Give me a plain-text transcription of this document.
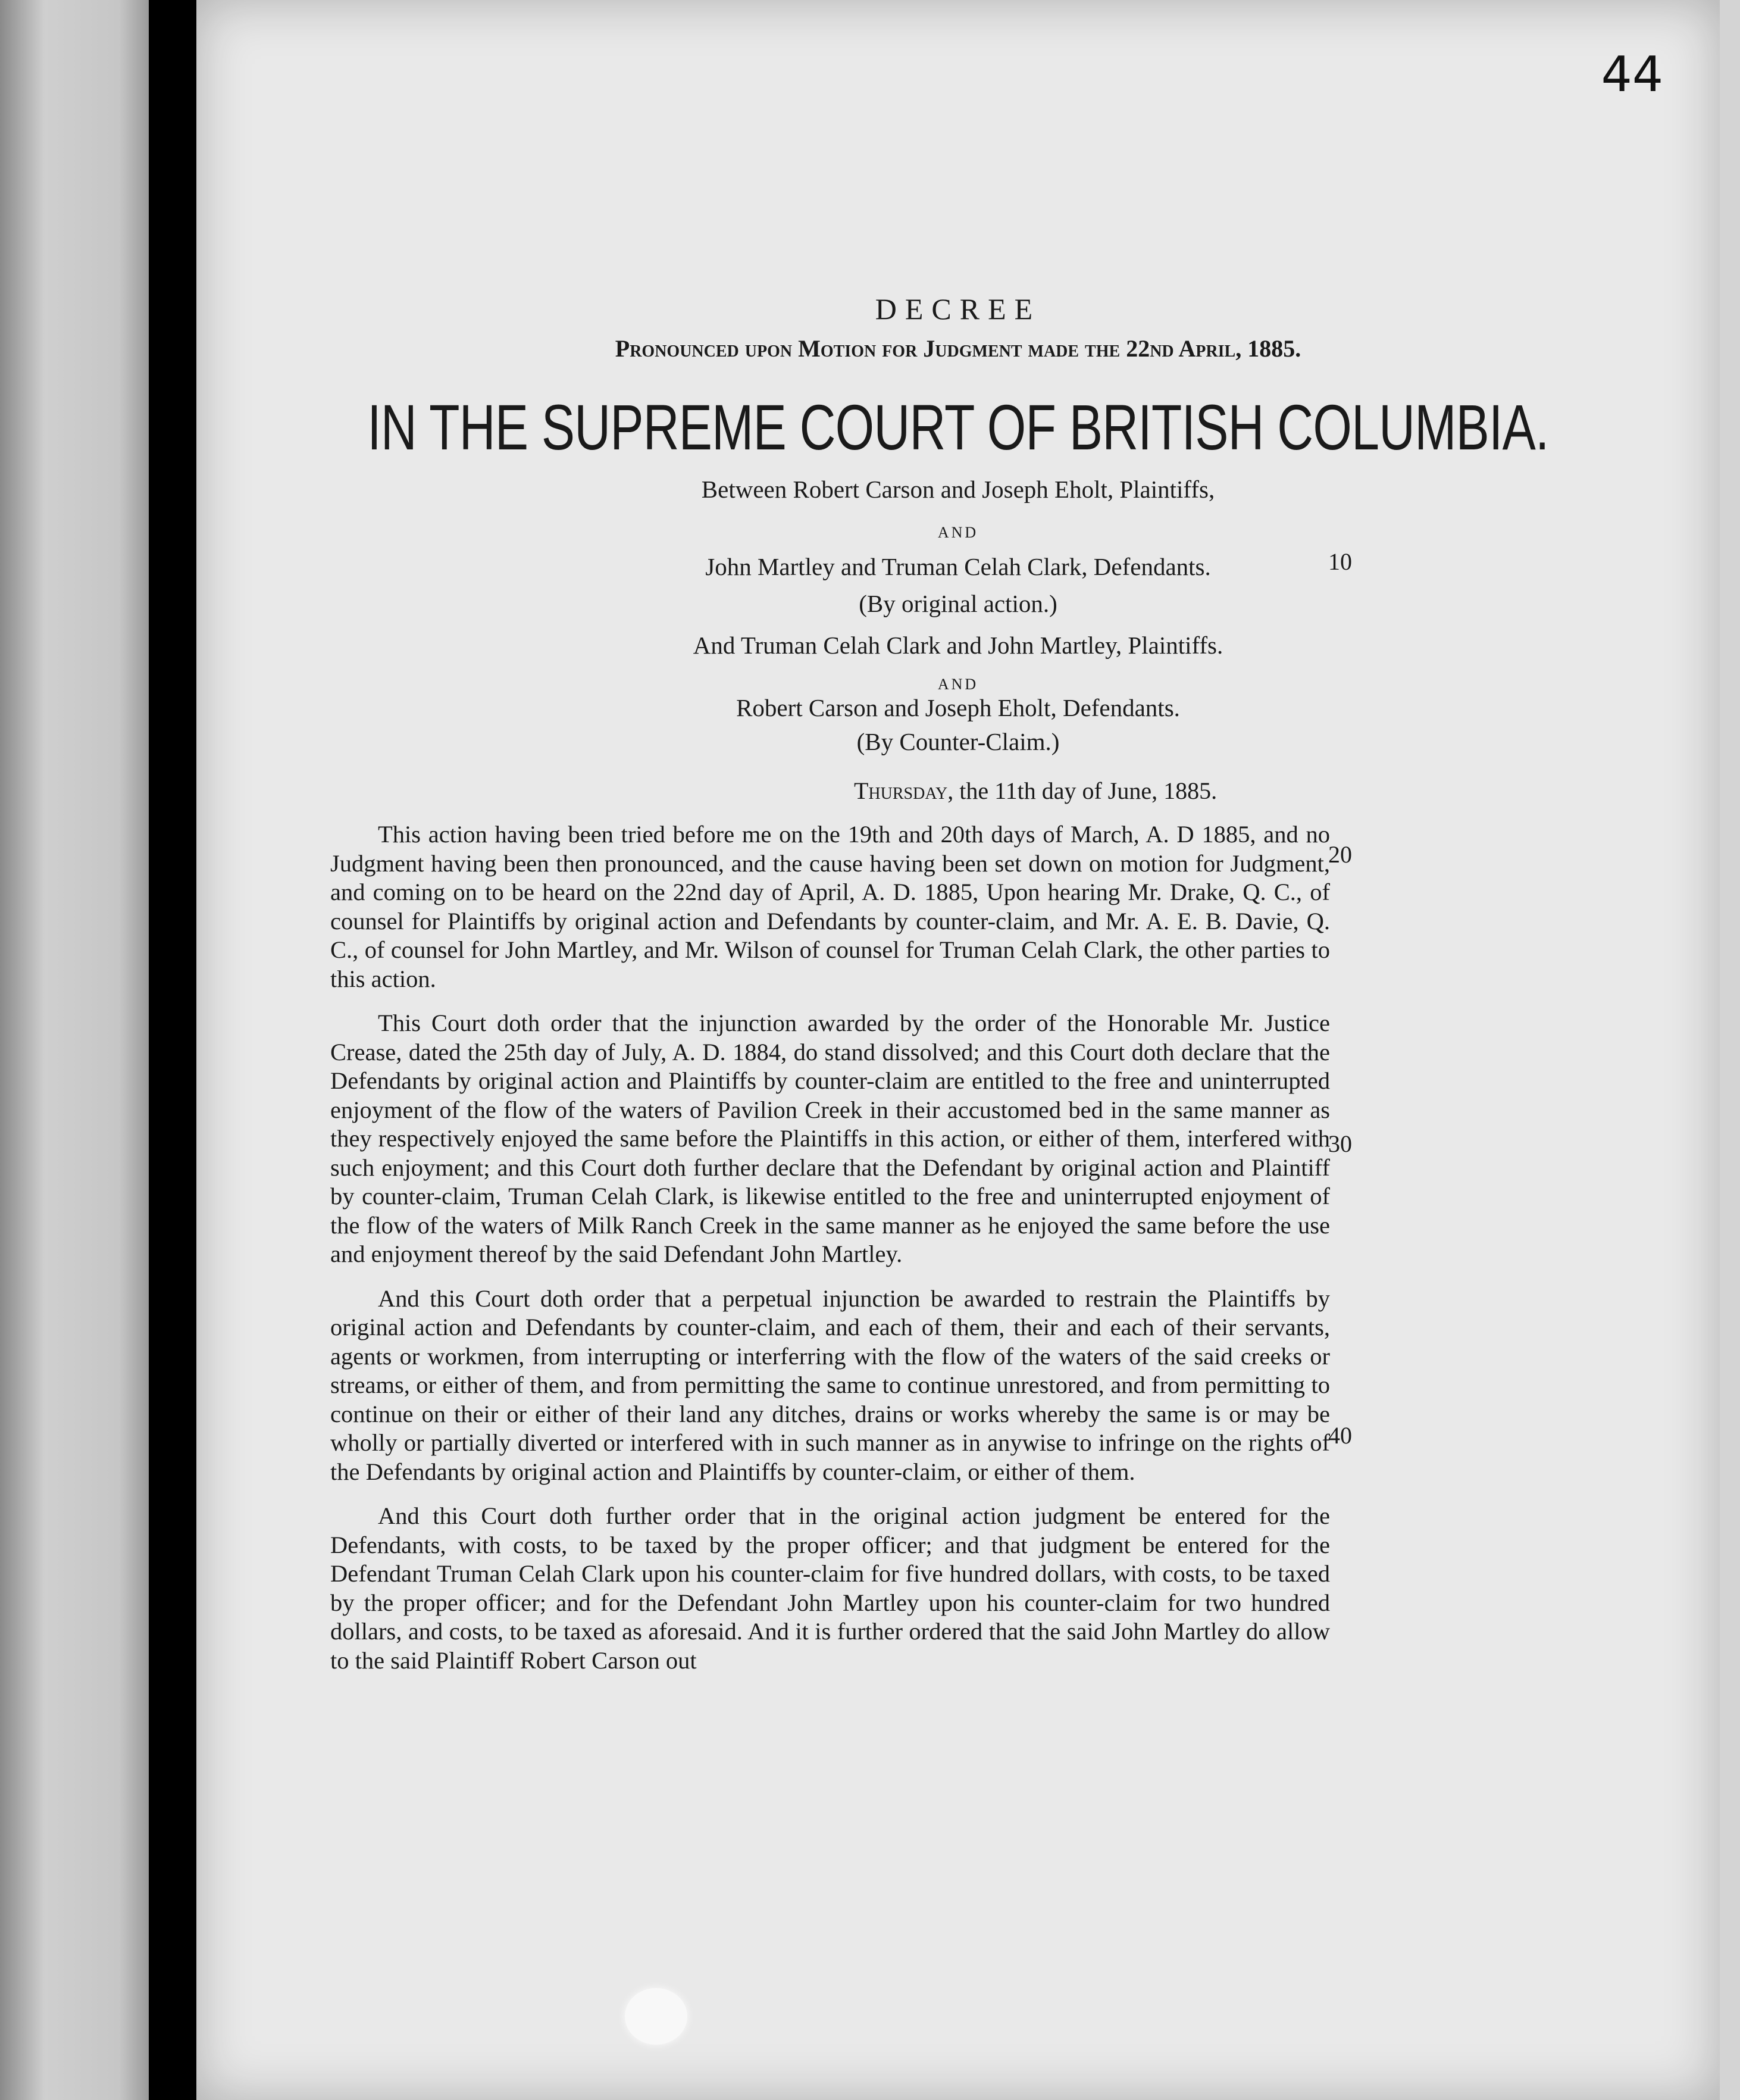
44
DECREE
Pronounced upon Motion for Judgment made the 22nd April, 1885.
IN THE SUPREME COURT OF BRITISH COLUMBIA.
Between Robert Carson and Joseph Eholt, Plaintiffs,
AND
John Martley and Truman Celah Clark, Defendants.
(By original action.)
And Truman Celah Clark and John Martley, Plaintiffs.
AND
Robert Carson and Joseph Eholt, Defendants.
(By Counter-Claim.)
Thursday, the 11th day of June, 1885.
10
20
30
40

This action having been tried before me on the 19th and 20th days of March, A. D 1885, and no Judgment having been then pronounced, and the cause having been set down on motion for Judgment, and coming on to be heard on the 22nd day of April, A. D. 1885, Upon hearing Mr. Drake, Q. C., of counsel for Plaintiffs by original action and Defendants by counter-claim, and Mr. A. E. B. Davie, Q. C., of counsel for John Martley, and Mr. Wilson of counsel for Truman Celah Clark, the other parties to this action.

This Court doth order that the injunction awarded by the order of the Honorable Mr. Justice Crease, dated the 25th day of July, A. D. 1884, do stand dissolved; and this Court doth declare that the Defendants by original action and Plaintiffs by counter-claim are entitled to the free and uninterrupted enjoyment of the flow of the waters of Pavilion Creek in their accustomed bed in the same manner as they respectively enjoyed the same before the Plaintiffs in this action, or either of them, interfered with such enjoyment; and this Court doth further declare that the Defendant by original action and Plaintiff by counter-claim, Truman Celah Clark, is likewise entitled to the free and uninterrupted enjoyment of the flow of the waters of Milk Ranch Creek in the same manner as he enjoyed the same before the use and enjoyment thereof by the said Defendant John Martley.

And this Court doth order that a perpetual injunction be awarded to restrain the Plaintiffs by original action and Defendants by counter-claim, and each of them, their and each of their servants, agents or workmen, from interrupting or interferring with the flow of the waters of the said creeks or streams, or either of them, and from permitting the same to continue unrestored, and from permitting to continue on their or either of their land any ditches, drains or works whereby the same is or may be wholly or partially diverted or interfered with in such manner as in anywise to infringe on the rights of the Defendants by original action and Plaintiffs by counter-claim, or either of them.

And this Court doth further order that in the original action judgment be entered for the Defendants, with costs, to be taxed by the proper officer; and that judgment be entered for the Defendant Truman Celah Clark upon his counter-claim for five hundred dollars, with costs, to be taxed by the proper officer; and for the Defendant John Martley upon his counter-claim for two hundred dollars, and costs, to be taxed as aforesaid. And it is further ordered that the said John Martley do allow to the said Plaintiff Robert Carson out
